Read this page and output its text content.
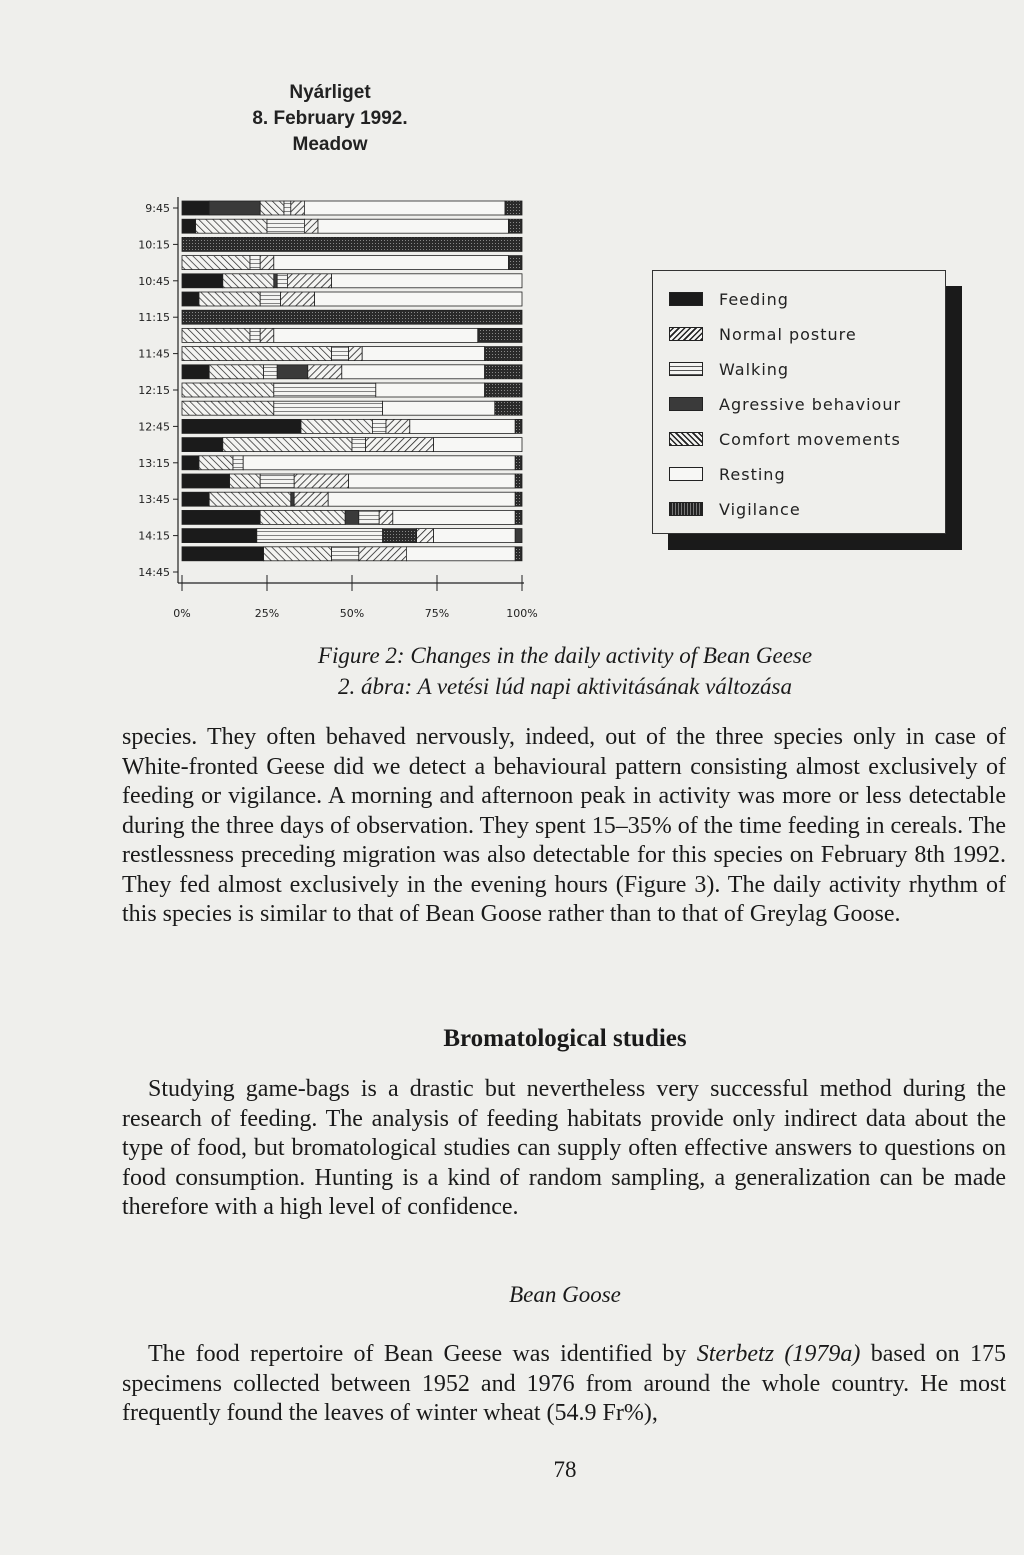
Nyárliget
8. February 1992.
Meadow
9:45
10:15
10:45
11:15
11:45
12:15
12:45
13:15
13:45
14:15
14:45
0%	25%	50%	75%	100%
Feeding
Normal posture
Walking
Agressive behaviour
Comfort movements
Resting
Vigilance
Figure 2: Changes in the daily activity of Bean Geese
2. ábra: A vetési lúd napi aktivitásának változása
species. They often behaved nervously, indeed, out of the three species only in case of White-fronted Geese did we detect a behavioural pattern consisting almost exclusively of feeding or vigilance. A morning and afternoon peak in activity was more or less detectable during the three days of observation. They spent 15–35% of the time feeding in cereals. The restlessness preceding migration was also detectable for this species on February 8th 1992. They fed almost exclusively in the evening hours (Figure 3). The daily activity rhythm of this species is similar to that of Bean Goose rather than to that of Greylag Goose.
Bromatological studies
Studying game-bags is a drastic but nevertheless very successful method during the research of feeding. The analysis of feeding habitats provide only indirect data about the type of food, but bromatological studies can supply often effective answers to questions on food consumption. Hunting is a kind of random sampling, a generalization can be made therefore with a high level of confidence.
Bean Goose
The food repertoire of Bean Geese was identified by Sterbetz (1979a) based on 175 specimens collected between 1952 and 1976 from around the whole country. He most frequently found the leaves of winter wheat (54.9 Fr%),
78
